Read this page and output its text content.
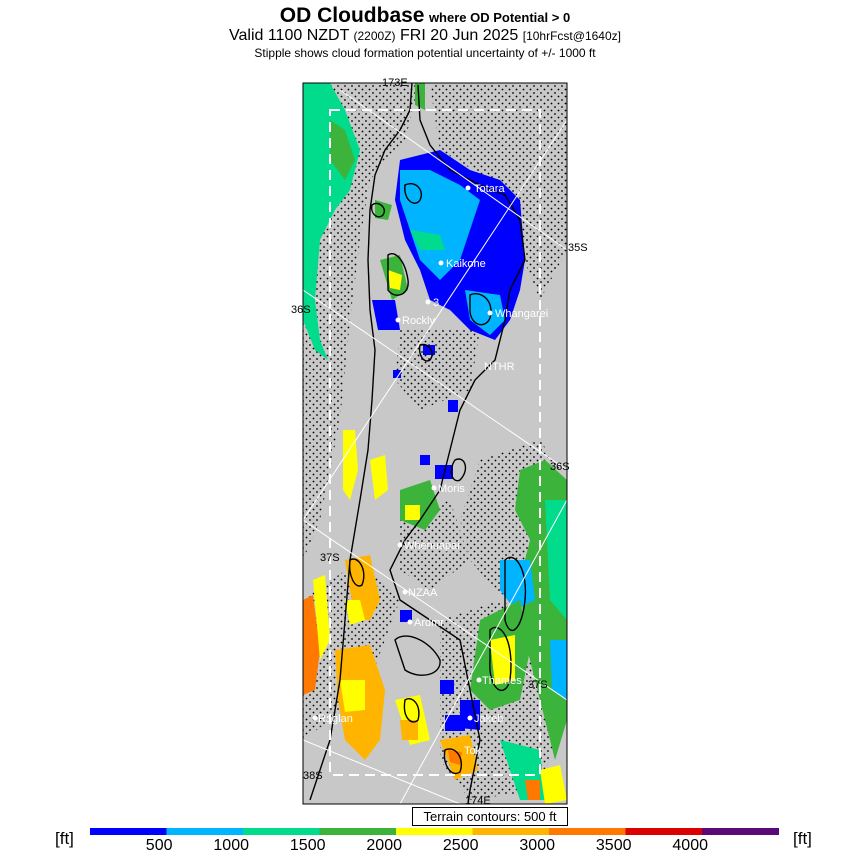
OD Cloudbase where OD Potential > 0
Valid 1100 NZDT (2200Z) FRI 20 Jun 2025 [10hrFcst@1640z]
Stipple shows cloud formation potential uncertainty of +/- 1000 ft
173E
35S
36S
36S
37S
37S
38S
174E
Totara
Kaikohe
3
Rockly
Whangarei
NTHR
Moris
Whenuapai
NZAA
Ardmr
Thames
Jakeb
Raglan
Tok
Terrain contours: 500 ft
[ft]	[ft]
500	1000	1500	2000	2500	3000	3500	4000
